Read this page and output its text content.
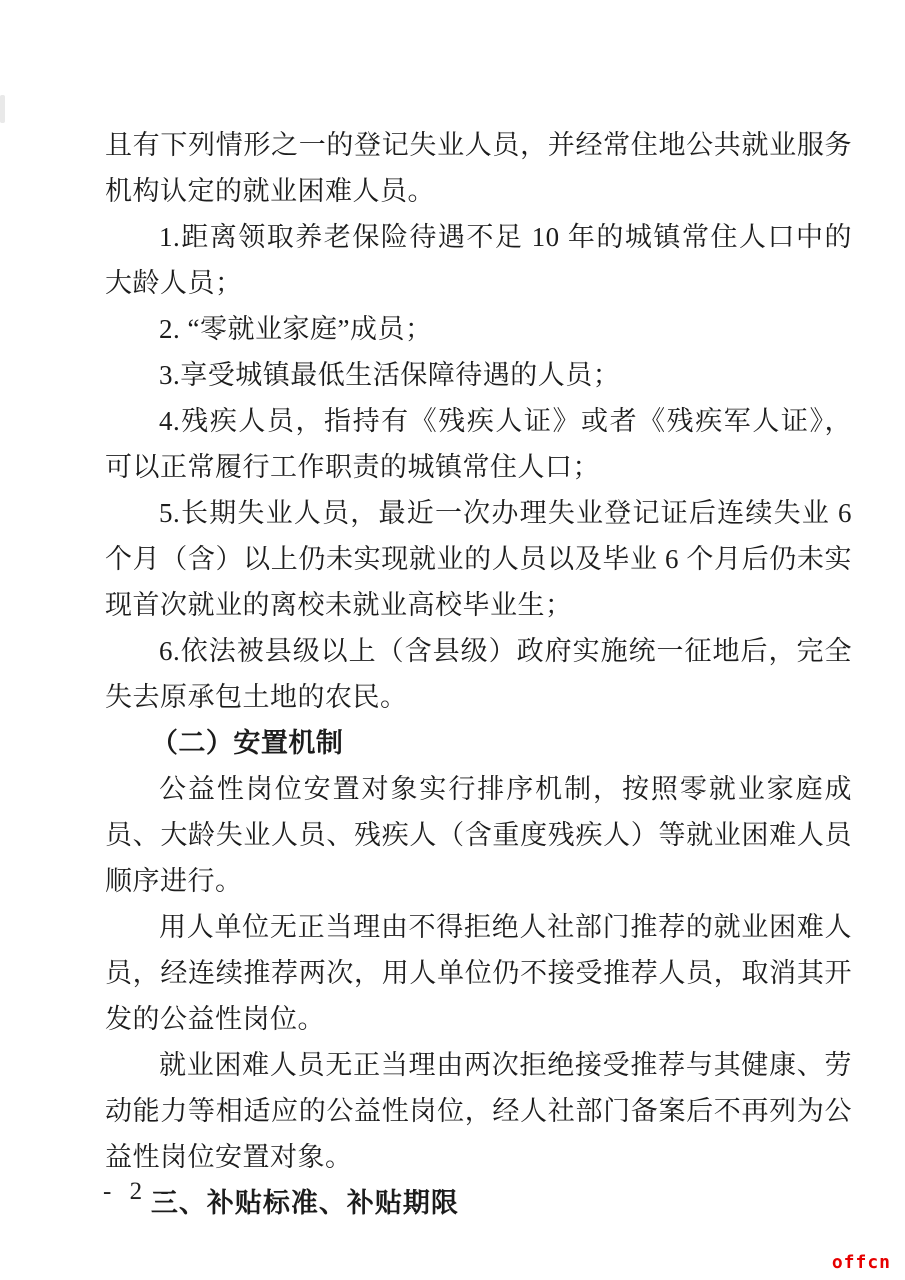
且有下列情形之一的登记失业人员，并经常住地公共就业服务机构认定的就业困难人员。

1.距离领取养老保险待遇不足 10 年的城镇常住人口中的大龄人员；

2. “零就业家庭”成员；

3.享受城镇最低生活保障待遇的人员；

4.残疾人员，指持有《残疾人证》或者《残疾军人证》，可以正常履行工作职责的城镇常住人口；

5.长期失业人员，最近一次办理失业登记证后连续失业 6 个月（含）以上仍未实现就业的人员以及毕业 6 个月后仍未实现首次就业的离校未就业高校毕业生；

6.依法被县级以上（含县级）政府实施统一征地后，完全失去原承包土地的农民。

（二）安置机制

公益性岗位安置对象实行排序机制，按照零就业家庭成员、大龄失业人员、残疾人（含重度残疾人）等就业困难人员顺序进行。

用人单位无正当理由不得拒绝人社部门推荐的就业困难人员，经连续推荐两次，用人单位仍不接受推荐人员，取消其开发的公益性岗位。

就业困难人员无正当理由两次拒绝接受推荐与其健康、劳动能力等相适应的公益性岗位，经人社部门备案后不再列为公益性岗位安置对象。

三、补贴标准、补贴期限

- 2 -
offcn
